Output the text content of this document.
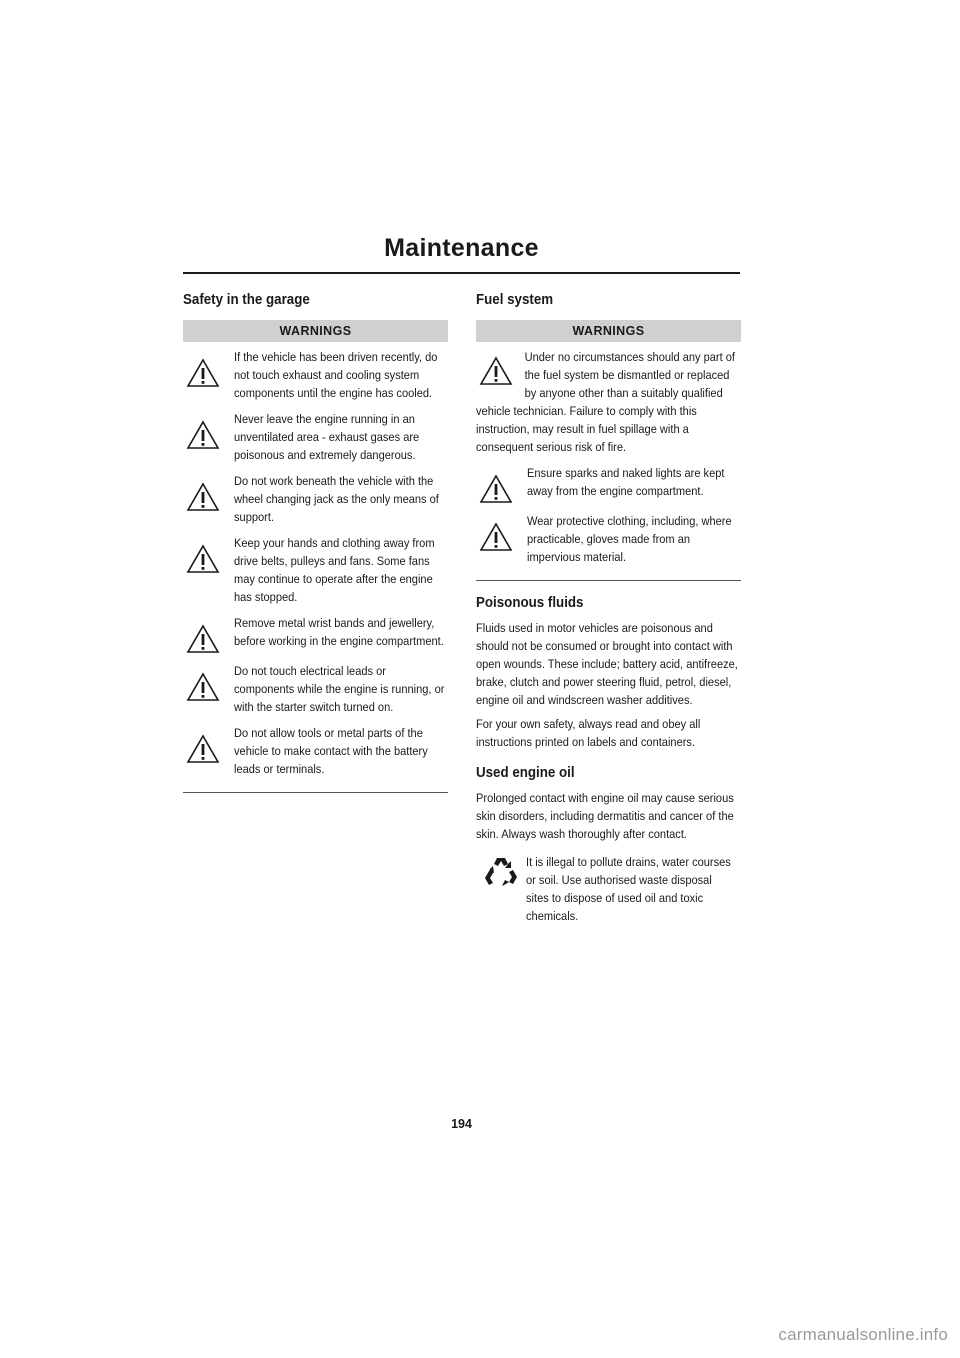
Maintenance
Safety in the garage
WARNINGS
If the vehicle has been driven recently, do not touch exhaust and cooling system components until the engine has cooled.
Never leave the engine running in an unventilated area - exhaust gases are poisonous and extremely dangerous.
Do not work beneath the vehicle with the wheel changing jack as the only means of support.
Keep your hands and clothing away from drive belts, pulleys and fans. Some fans may continue to operate after the engine has stopped.
Remove metal wrist bands and jewellery, before working in the engine compartment.
Do not touch electrical leads or components while the engine is running, or with the starter switch turned on.
Do not allow tools or metal parts of the vehicle to make contact with the battery leads or terminals.
Fuel system
WARNINGS
Under no circumstances should any part of the fuel system be dismantled or replaced by anyone other than a suitably qualified vehicle technician. Failure to comply with this instruction, may result in fuel spillage with a consequent serious risk of fire.
Ensure sparks and naked lights are kept away from the engine compartment.
Wear protective clothing, including, where practicable, gloves made from an impervious material.
Poisonous fluids

Fluids used in motor vehicles are poisonous and should not be consumed or brought into contact with open wounds. These include; battery acid, antifreeze, brake, clutch and power steering fluid, petrol, diesel, engine oil and windscreen washer additives.

For your own safety, always read and obey all instructions printed on labels and containers.

Used engine oil

Prolonged contact with engine oil may cause serious skin disorders, including dermatitis and cancer of the skin. Always wash thoroughly after contact.

It is illegal to pollute drains, water courses or soil. Use authorised waste disposal sites to dispose of used oil and toxic chemicals.
194
carmanualsonline.info
